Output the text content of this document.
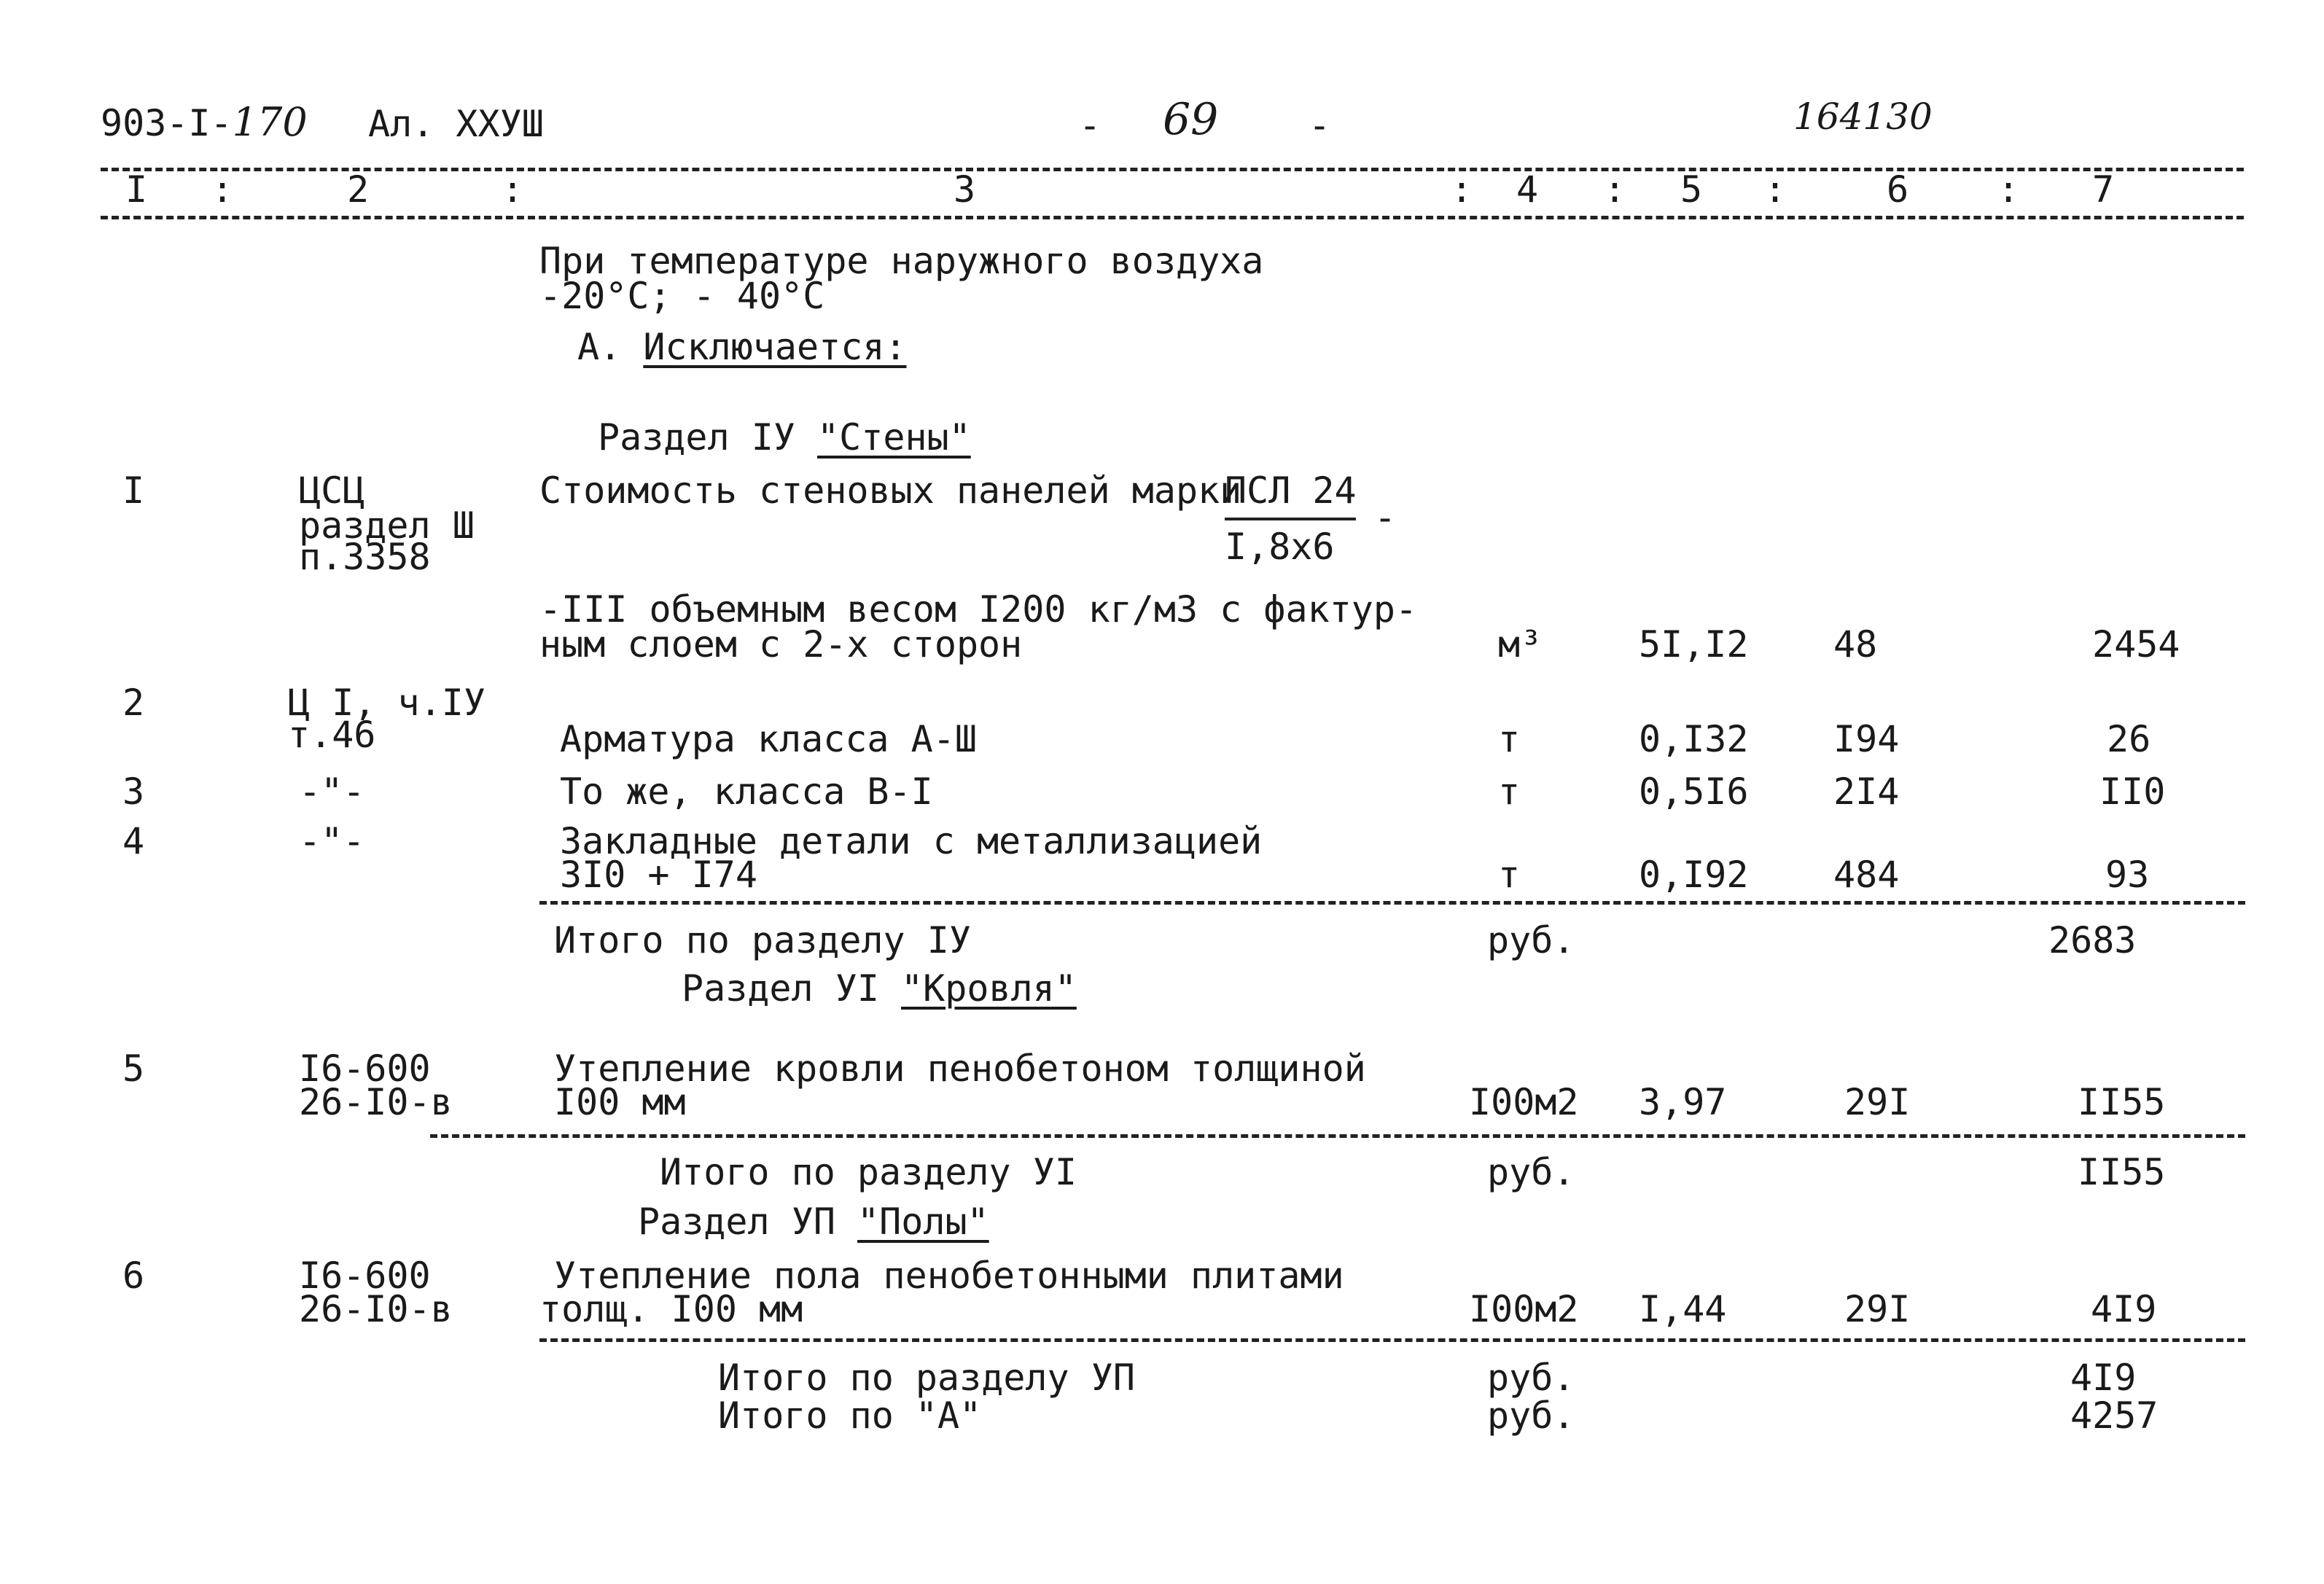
903-I-170 Ал. XXУШ	- 69 -	164130
I :	2	:	3	: 4 : 5 :	6 : 7
При температуре наружного воздуха
-20°С; - 40°С
А. Исключается:
Раздел IУ "Стены"
I	ЦСЦ
раздел Ш
п.3358
Стоимость стеновых панелей марки
ПСЛ 24
-
I,8х6
-III объемным весом I200 кг/м3 с фактур-
ным слоем с 2-х сторон	м³	5I,I2 48	2454
2	Ц I, ч.IУ
т.46	Арматура класса А-Ш	т	0,I32 I94	26
3	-"-	То же, класса В-I	т	0,5I6 2I4	II0
4	-"-	Закладные детали с металлизацией
3I0 + I74	т	0,I92 484	93
Итого по разделу IУ	руб.	2683
Раздел УI "Кровля"
5	I6-600
26-I0-в
Утепление кровли пенобетоном толщиной
I00 мм	I00м2 3,97	29I	II55
Итого по разделу УI	руб.	II55
Раздел УП "Полы"
6	I6-600
26-I0-в
Утепление пола пенобетонными плитами
толщ. I00 мм	I00м2 I,44	29I	4I9
Итого по разделу УП	руб.	4I9
Итого по "А"	руб.	4257
